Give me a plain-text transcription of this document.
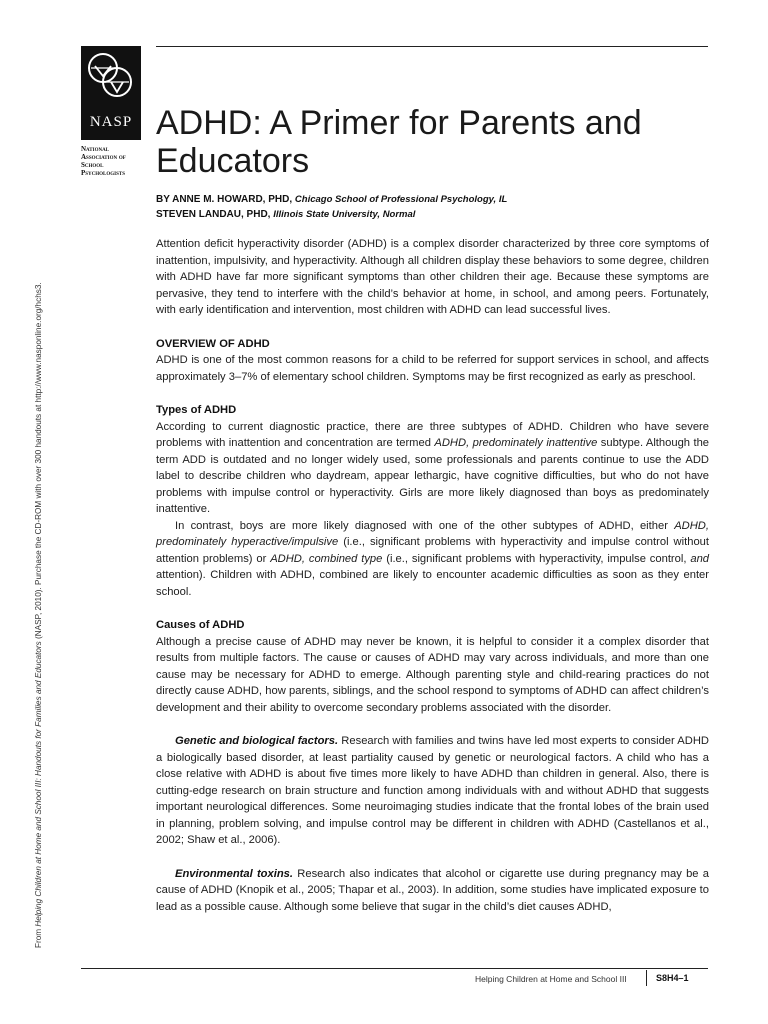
NASP
National
Association of
School
Psychologists
ADHD: A Primer for Parents and Educators
BY ANNE M. HOWARD, PHD, Chicago School of Professional Psychology, IL
STEVEN LANDAU, PHD, Illinois State University, Normal

Attention deficit hyperactivity disorder (ADHD) is a complex disorder characterized by three core symptoms of inattention, impulsivity, and hyperactivity. Although all children display these behaviors to some degree, children with ADHD have far more significant symptoms than other children their age. Because these symptoms are pervasive, they tend to interfere with the child’s behavior at home, in school, and among peers. Fortunately, with early identification and intervention, most children with ADHD can lead successful lives.

OVERVIEW OF ADHD

ADHD is one of the most common reasons for a child to be referred for support services in school, and affects approximately 3–7% of elementary school children. Symptoms may be first recognized as early as preschool.

Types of ADHD

According to current diagnostic practice, there are three subtypes of ADHD. Children who have severe problems with inattention and concentration are termed ADHD, predominately inattentive subtype. Although the term ADD is outdated and no longer widely used, some professionals and parents continue to use the ADD label to describe children who daydream, appear lethargic, have cognitive difficulties, but who do not have problems with impulse control or hyperactivity. Girls are more likely diagnosed than boys as predominately inattentive.

In contrast, boys are more likely diagnosed with one of the other subtypes of ADHD, either ADHD, predominately hyperactive/impulsive (i.e., significant problems with hyperactivity and impulse control without attention problems) or ADHD, combined type (i.e., significant problems with hyperactivity, impulse control, and attention). Children with ADHD, combined are likely to encounter academic difficulties as soon as they enter school.

Causes of ADHD

Although a precise cause of ADHD may never be known, it is helpful to consider it a complex disorder that results from multiple factors. The cause or causes of ADHD may vary across individuals, and more than one cause may be necessary for ADHD to emerge. Although parenting style and child-rearing practices do not directly cause ADHD, how parents, siblings, and the school respond to symptoms of ADHD can affect children’s development and their ability to overcome secondary problems associated with the disorder.

Genetic and biological factors. Research with families and twins have led most experts to consider ADHD a biologically based disorder, at least partiality caused by genetic or neurological factors. A child who has a close relative with ADHD is about five times more likely to have ADHD than children in general. Also, there is cutting-edge research on brain structure and function among individuals with and without ADHD that suggests important neurological differences. Some neuroimaging studies indicate that the frontal lobes of the brain used in planning, problem solving, and impulse control may be different in children with ADHD (Castellanos et al., 2002; Shaw et al., 2006).

Environmental toxins. Research also indicates that alcohol or cigarette use during pregnancy may be a cause of ADHD (Knopik et al., 2005; Thapar et al., 2003). In addition, some studies have implicated exposure to lead as a possible cause. Although some believe that sugar in the child’s diet causes ADHD,

From Helping Children at Home and School III: Handouts for Families and Educators (NASP, 2010). Purchase the CD-ROM with over 300 handouts at http://www.nasponline.org/hchs3.
Helping Children at Home and School III	S8H4–1
